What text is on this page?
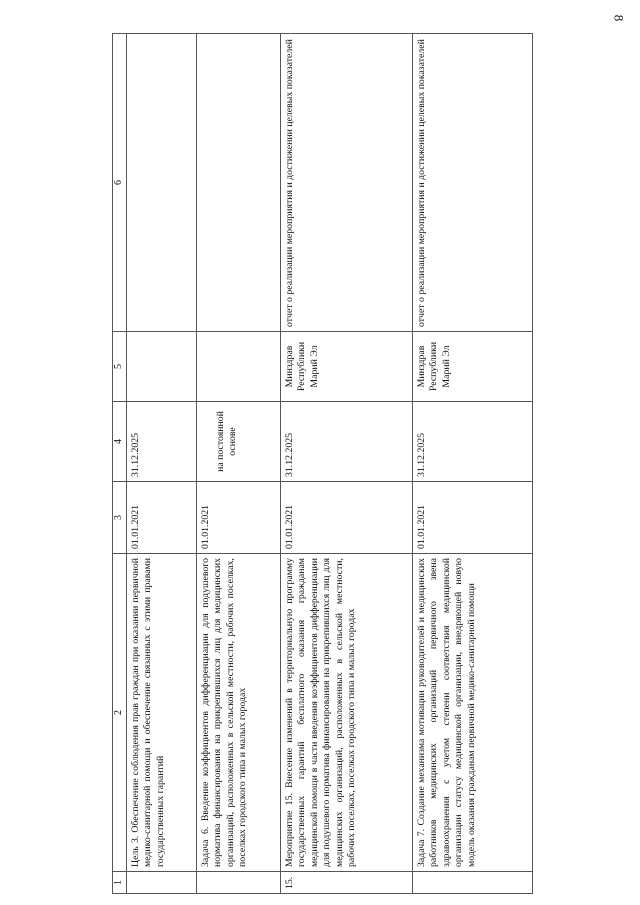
8
1	2	3	4	5	6
	Цель 3. Обеспечение соблюдения прав граждан при оказании первичной медико-санитарной помощи и обеспечение связанных с этими правами государственных гарантий	01.01.2021	31.12.2025		
	Задача 6. Введение коэффициентов дифференциации для подушевого норматива финансирования на прикрепившихся лиц для медицинских организаций, расположенных в сельской местности, рабочих поселках, поселках городского типа и малых городах	01.01.2021	на постоянной основе		
15.	Мероприятие 15. Внесение изменений в территориальную программу государственных гарантий бесплатного оказания гражданам медицинской помощи в части введения коэффициентов дифференциации для подушевого норматива финансирования на прикрепившихся лиц для медицинских организаций, расположенных в сельской местности, рабочих поселках, поселках городского типа и малых городах	01.01.2021	31.12.2025	Минздрав Республики Марий Эл	отчет о реализации мероприятия и достижении целевых показателей
	Задача 7. Создание механизма мотивации руководителей и медицинских работников медицинских организаций первичного звена здравоохранения с учетом степени соответствия медицинской организации статусу медицинской организации, внедряющей новую модель оказания гражданам первичной медико-санитарной помощи	01.01.2021	31.12.2025	Минздрав Республики Марий Эл	отчет о реализации мероприятия и достижении целевых показателей
